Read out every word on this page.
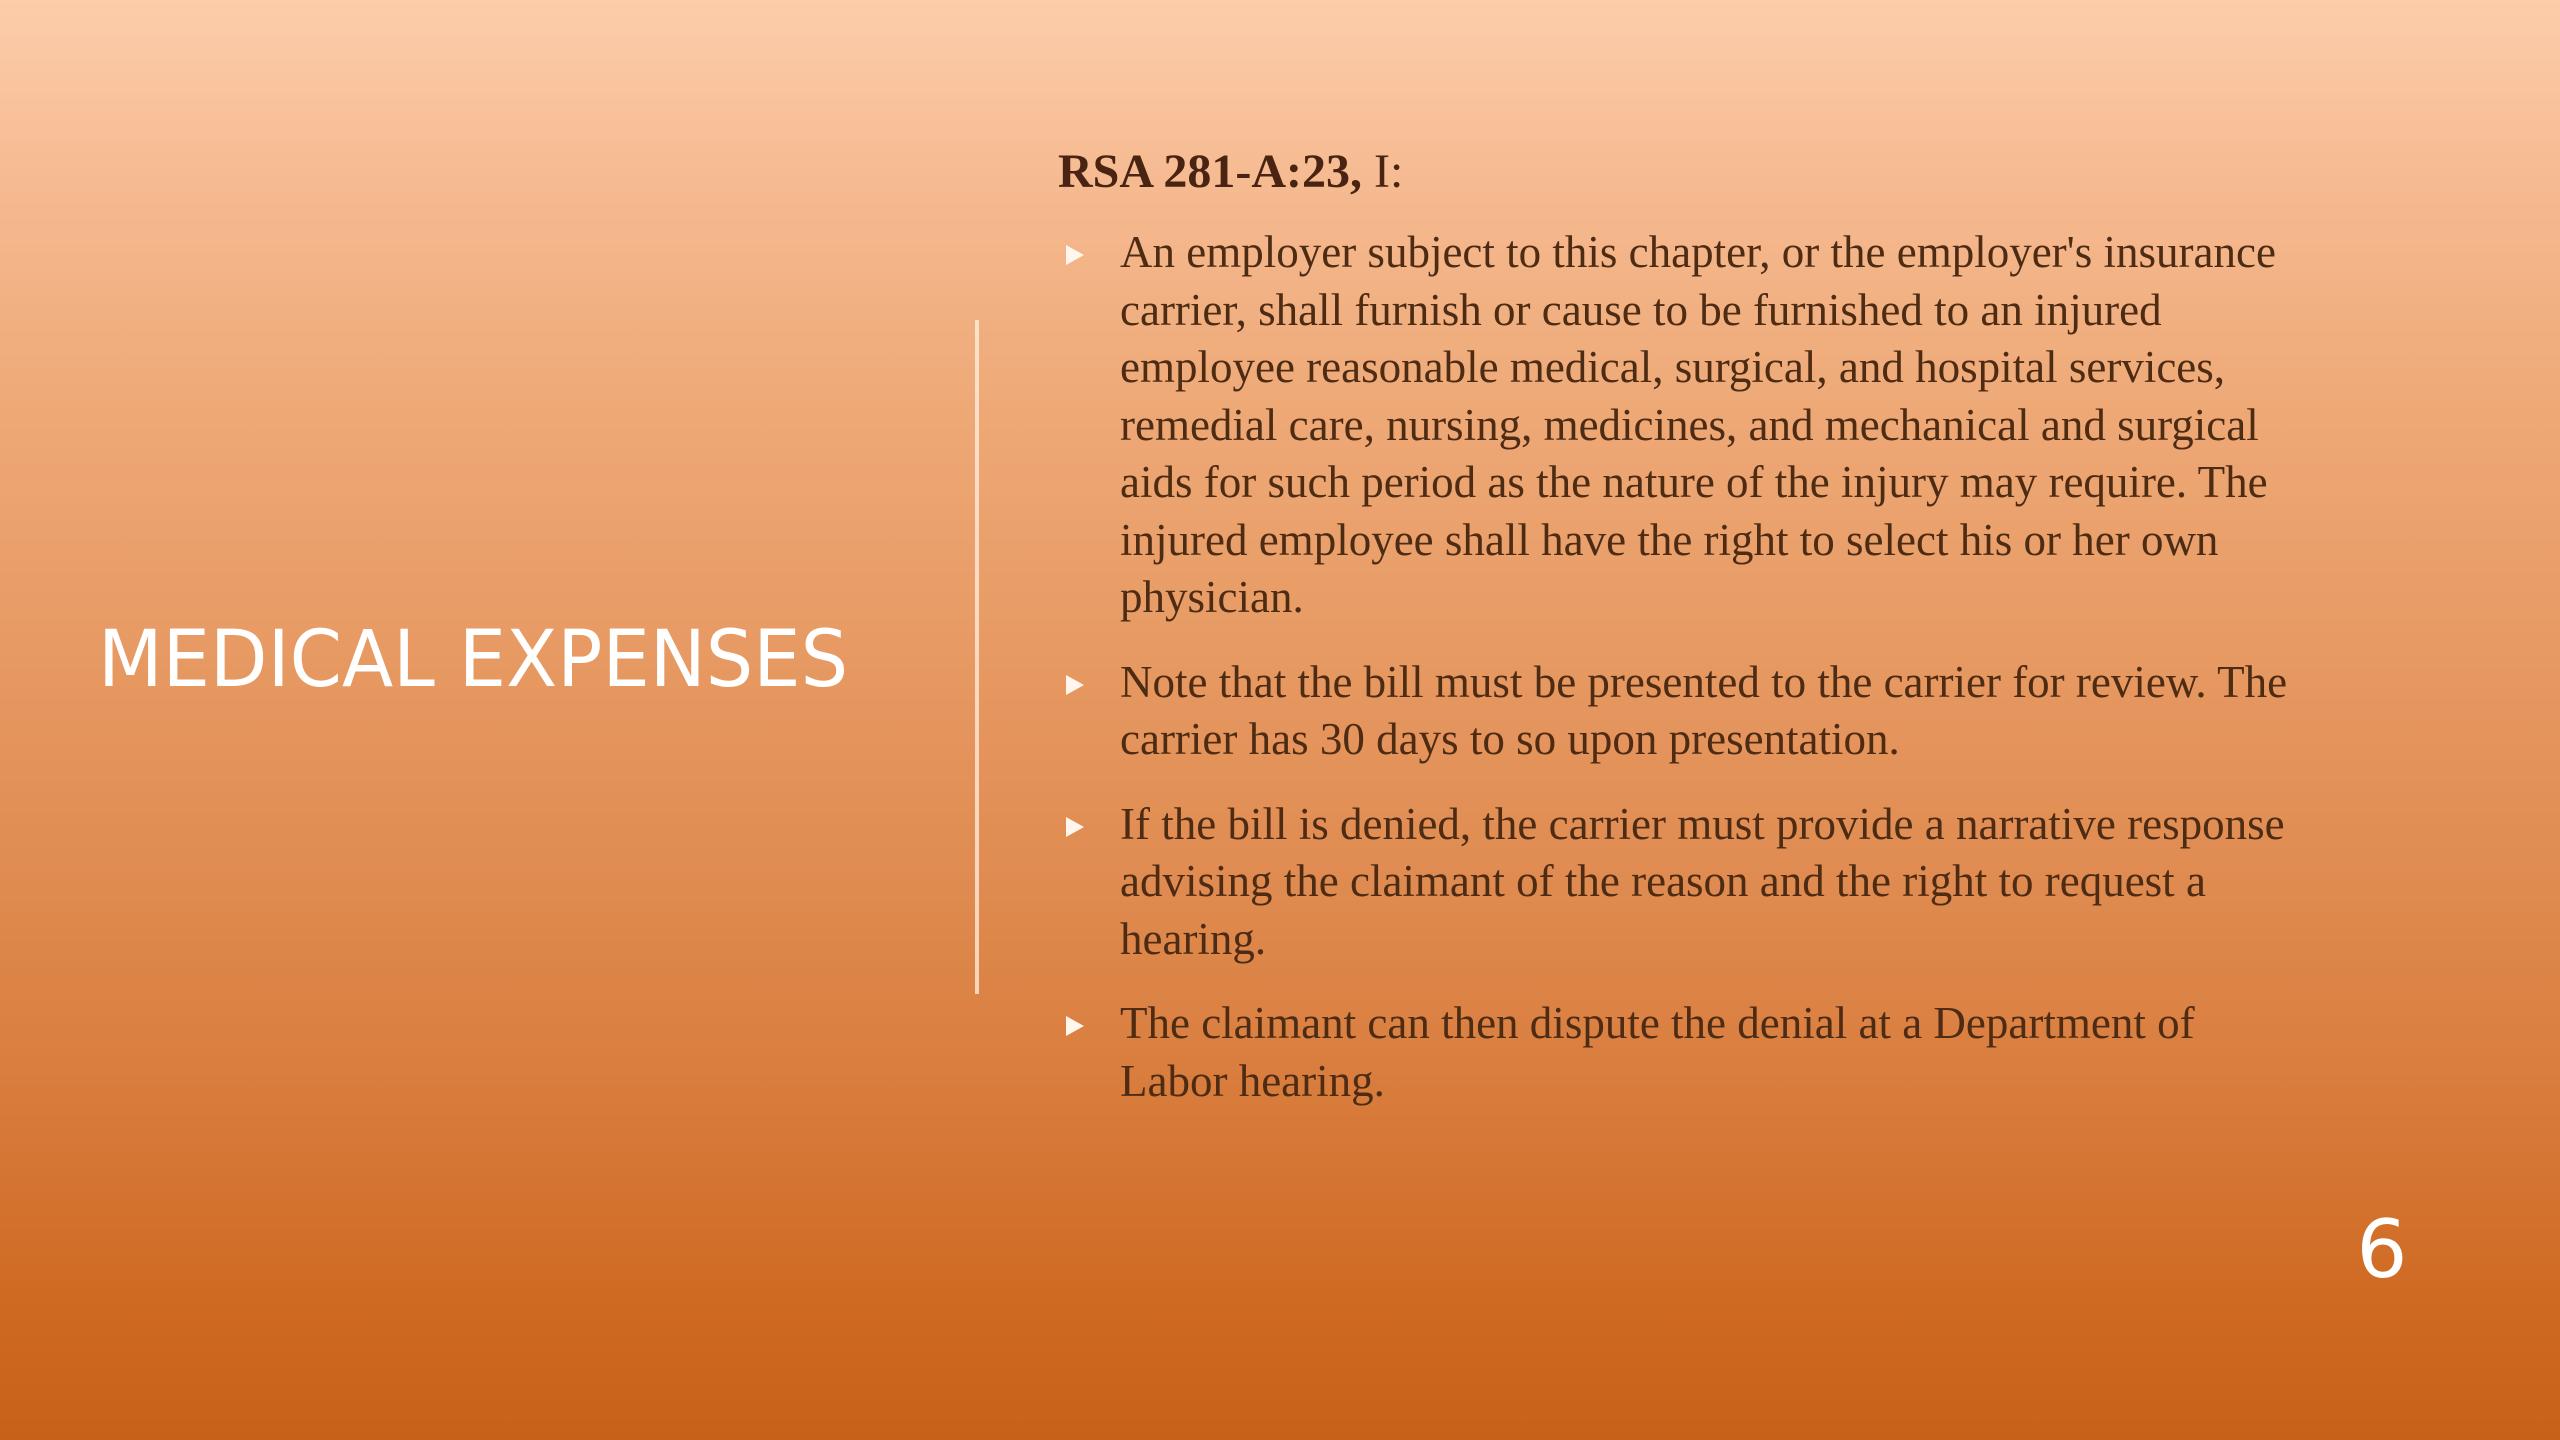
MEDICAL EXPENSES
RSA 281-A:23, I:
An employer subject to this chapter, or the employer's insurance carrier, shall furnish or cause to be furnished to an injured employee reasonable medical, surgical, and hospital services, remedial care, nursing, medicines, and mechanical and surgical aids for such period as the nature of the injury may require. The injured employee shall have the right to select his or her own physician.
Note that the bill must be presented to the carrier for review. The carrier has 30 days to so upon presentation.
If the bill is denied, the carrier must provide a narrative response advising the claimant of the reason and the right to request a hearing.
The claimant can then dispute the denial at a Department of Labor hearing.
6
